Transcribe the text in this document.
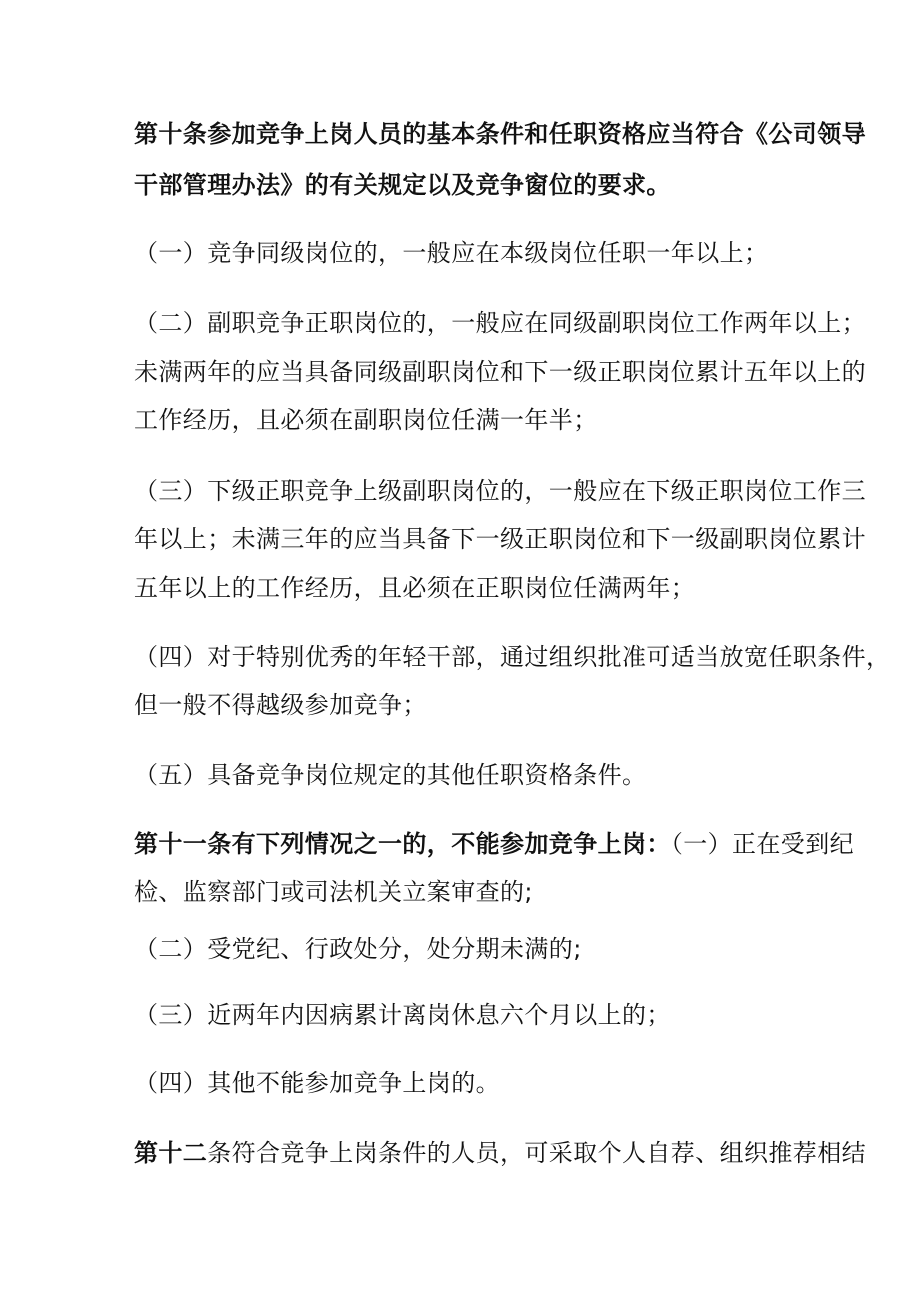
第十条参加竞争上岗人员的基本条件和任职资格应当符合《公司领导
干部管理办法》的有关规定以及竞争窗位的要求。
（一）竞争同级岗位的，一般应在本级岗位任职一年以上；
（二）副职竞争正职岗位的，一般应在同级副职岗位工作两年以上；
未满两年的应当具备同级副职岗位和下一级正职岗位累计五年以上的
工作经历，且必须在副职岗位任满一年半；
（三）下级正职竞争上级副职岗位的，一般应在下级正职岗位工作三
年以上；未满三年的应当具备下一级正职岗位和下一级副职岗位累计
五年以上的工作经历，且必须在正职岗位任满两年；
（四）对于特别优秀的年轻干部，通过组织批准可适当放宽任职条件，
但一般不得越级参加竞争；
（五）具备竞争岗位规定的其他任职资格条件。
第十一条有下列情况之一的，不能参加竞争上岗：（一）正在受到纪
检、监察部门或司法机关立案审查的;
（二）受党纪、行政处分，处分期未满的;
（三）近两年内因病累计离岗休息六个月以上的；
（四）其他不能参加竞争上岗的。
第十二条符合竞争上岗条件的人员，可采取个人自荐、组织推荐相结
